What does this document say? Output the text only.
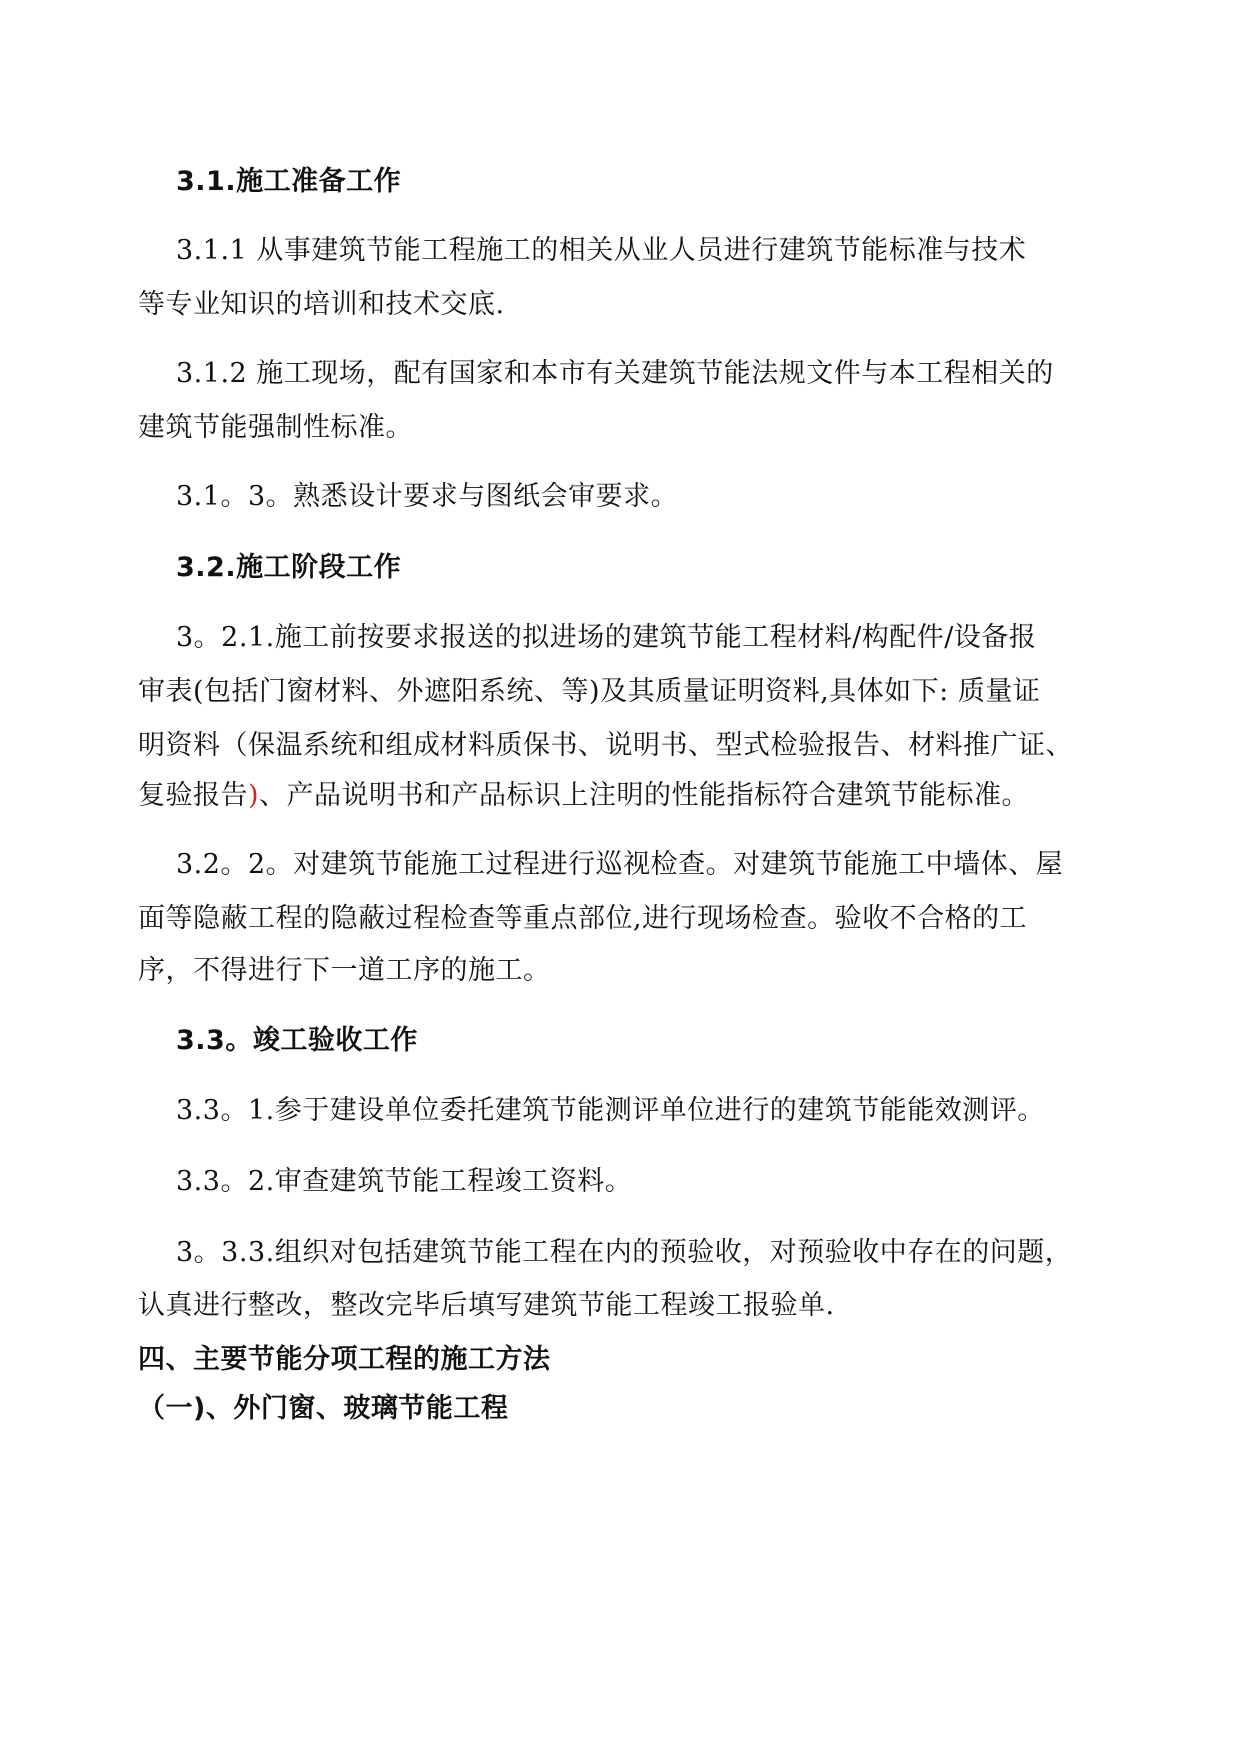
3.1.施工准备工作
3.1.1 从事建筑节能工程施工的相关从业人员进行建筑节能标准与技术
等专业知识的培训和技术交底.
3.1.2 施工现场，配有国家和本市有关建筑节能法规文件与本工程相关的
建筑节能强制性标准。
3.1。3。熟悉设计要求与图纸会审要求。
3.2.施工阶段工作
3。2.1.施工前按要求报送的拟进场的建筑节能工程材料/构配件/设备报
审表(包括门窗材料、外遮阳系统、等)及其质量证明资料,具体如下: 质量证
明资料（保温系统和组成材料质保书、说明书、型式检验报告、材料推广证、
复验报告)、产品说明书和产品标识上注明的性能指标符合建筑节能标准。
3.2。2。对建筑节能施工过程进行巡视检查。对建筑节能施工中墙体、屋
面等隐蔽工程的隐蔽过程检查等重点部位,进行现场检查。验收不合格的工
序，不得进行下一道工序的施工。
3.3。竣工验收工作
3.3。1.参于建设单位委托建筑节能测评单位进行的建筑节能能效测评。
3.3。2.审查建筑节能工程竣工资料。
3。3.3.组织对包括建筑节能工程在内的预验收，对预验收中存在的问题，
认真进行整改，整改完毕后填写建筑节能工程竣工报验单.
四、主要节能分项工程的施工方法
（一)、外门窗、玻璃节能工程
